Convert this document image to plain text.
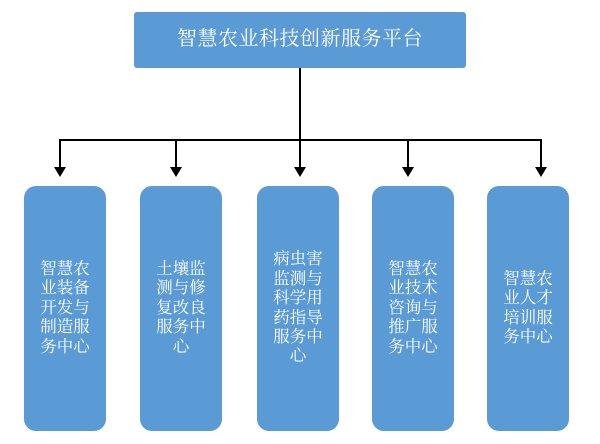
智慧农业科技创新服务平台
智慧农业装备开发与制造服务中心
土壤监测与修复改良服务中心
病虫害监测与科学用药指导服务中心
智慧农业技术咨询与推广服务中心
智慧农业人才培训服务中心
